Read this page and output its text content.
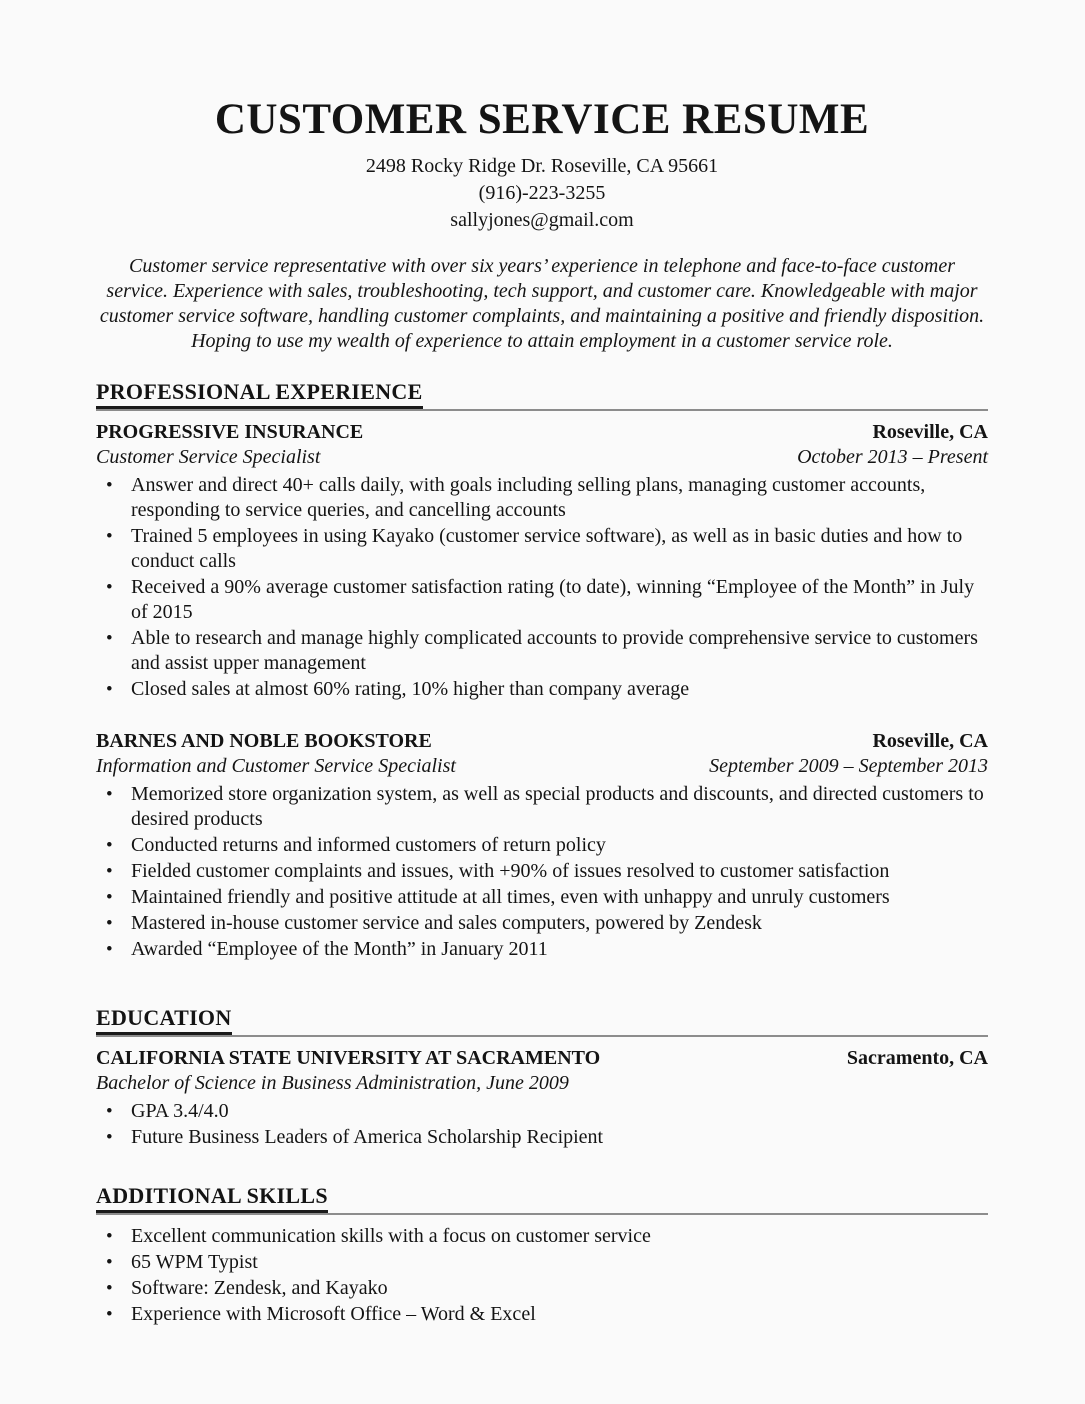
CUSTOMER SERVICE RESUME
2498 Rocky Ridge Dr. Roseville, CA 95661
(916)-223-3255
sallyjones@gmail.com
Customer service representative with over six years’ experience in telephone and face-to-face customer service. Experience with sales, troubleshooting, tech support, and customer care. Knowledgeable with major customer service software, handling customer complaints, and maintaining a positive and friendly disposition. Hoping to use my wealth of experience to attain employment in a customer service role.
PROFESSIONAL EXPERIENCE
PROGRESSIVE INSURANCE	Roseville, CA
Customer Service Specialist	October 2013 – Present
• Answer and direct 40+ calls daily, with goals including selling plans, managing customer accounts, responding to service queries, and cancelling accounts
• Trained 5 employees in using Kayako (customer service software), as well as in basic duties and how to conduct calls
• Received a 90% average customer satisfaction rating (to date), winning “Employee of the Month” in July of 2015
• Able to research and manage highly complicated accounts to provide comprehensive service to customers and assist upper management
• Closed sales at almost 60% rating, 10% higher than company average
BARNES AND NOBLE BOOKSTORE	Roseville, CA
Information and Customer Service Specialist	September 2009 – September 2013
• Memorized store organization system, as well as special products and discounts, and directed customers to desired products
• Conducted returns and informed customers of return policy
• Fielded customer complaints and issues, with +90% of issues resolved to customer satisfaction
• Maintained friendly and positive attitude at all times, even with unhappy and unruly customers
• Mastered in-house customer service and sales computers, powered by Zendesk
• Awarded “Employee of the Month” in January 2011
EDUCATION
CALIFORNIA STATE UNIVERSITY AT SACRAMENTO	Sacramento, CA
Bachelor of Science in Business Administration, June 2009
• GPA 3.4/4.0
• Future Business Leaders of America Scholarship Recipient
ADDITIONAL SKILLS
• Excellent communication skills with a focus on customer service
• 65 WPM Typist
• Software: Zendesk, and Kayako
• Experience with Microsoft Office – Word & Excel
